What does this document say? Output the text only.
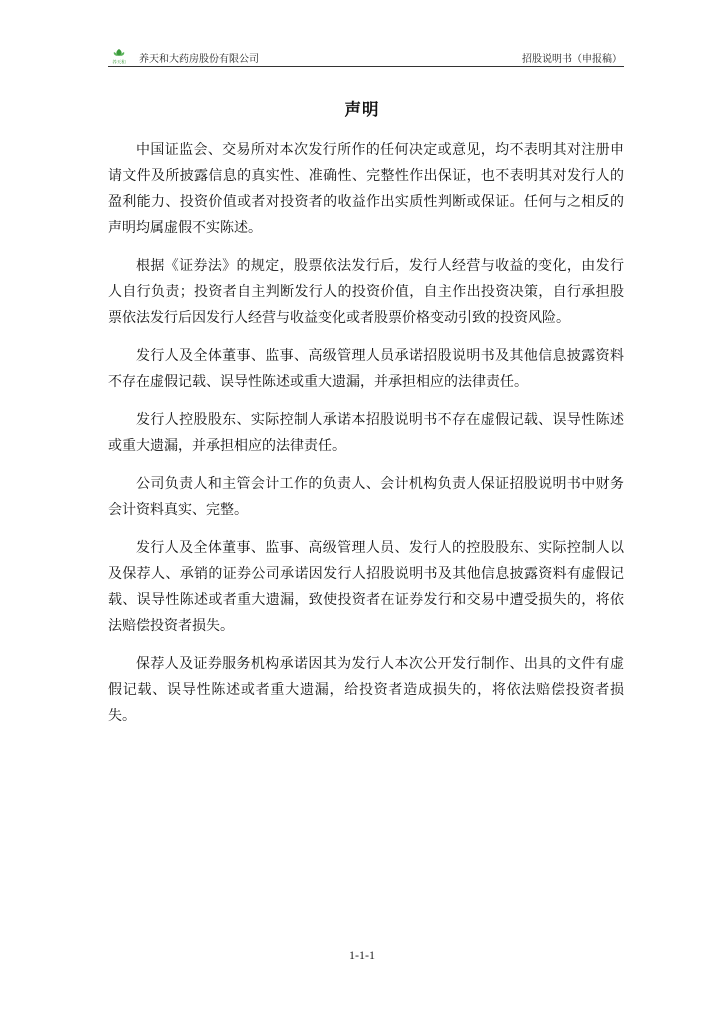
养天和 养天和大药房股份有限公司	招股说明书（申报稿）
声明

中国证监会、交易所对本次发行所作的任何决定或意见，均不表明其对注册申请文件及所披露信息的真实性、准确性、完整性作出保证，也不表明其对发行人的盈利能力、投资价值或者对投资者的收益作出实质性判断或保证。任何与之相反的声明均属虚假不实陈述。

根据《证券法》的规定，股票依法发行后，发行人经营与收益的变化，由发行人自行负责；投资者自主判断发行人的投资价值，自主作出投资决策，自行承担股票依法发行后因发行人经营与收益变化或者股票价格变动引致的投资风险。

发行人及全体董事、监事、高级管理人员承诺招股说明书及其他信息披露资料不存在虚假记载、误导性陈述或重大遗漏，并承担相应的法律责任。

发行人控股股东、实际控制人承诺本招股说明书不存在虚假记载、误导性陈述或重大遗漏，并承担相应的法律责任。

公司负责人和主管会计工作的负责人、会计机构负责人保证招股说明书中财务会计资料真实、完整。

发行人及全体董事、监事、高级管理人员、发行人的控股股东、实际控制人以及保荐人、承销的证券公司承诺因发行人招股说明书及其他信息披露资料有虚假记载、误导性陈述或者重大遗漏，致使投资者在证券发行和交易中遭受损失的，将依法赔偿投资者损失。

保荐人及证券服务机构承诺因其为发行人本次公开发行制作、出具的文件有虚假记载、误导性陈述或者重大遗漏，给投资者造成损失的，将依法赔偿投资者损失。

1-1-1
